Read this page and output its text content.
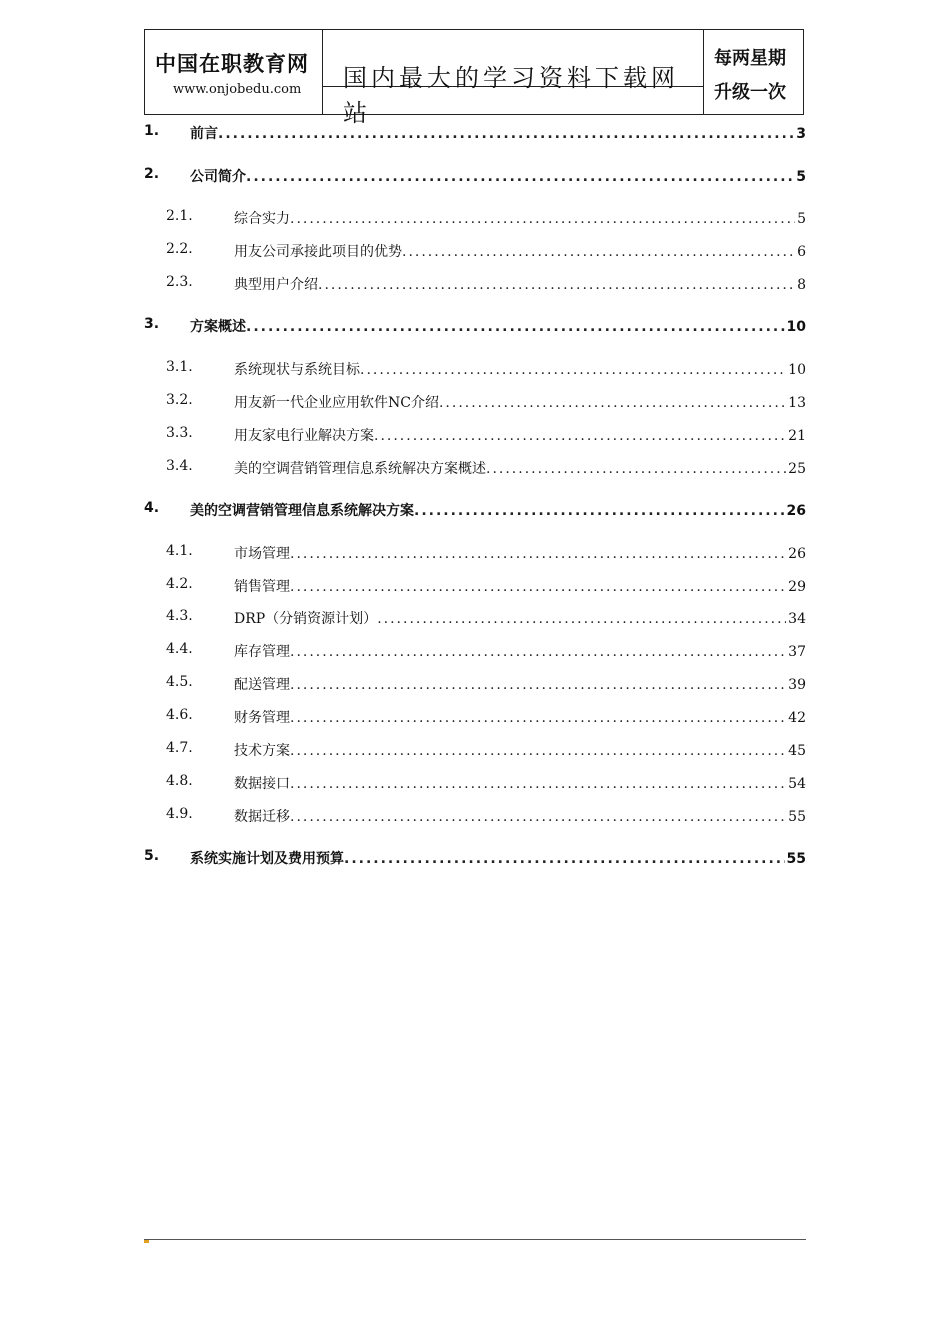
中国在职教育网
www.onjobedu.com 国内最大的学习资料下载网站
每两星期
升级一次
1. 前言 .....	3
2. 公司简介 .....	5
2.1.	综合实力 .....	5
2.2.	用友公司承接此项目的优势 .....	6
2.3.	典型用户介绍 .....	8
3. 方案概述 .....	10
3.1.	系统现状与系统目标 .....	10
3.2.	用友新一代企业应用软件NC介绍 .....	13
3.3.	用友家电行业解决方案 .....	21
3.4.	美的空调营销管理信息系统解决方案概述 .....	25
4. 美的空调营销管理信息系统解决方案 .....	26
4.1.	市场管理 .....	26
4.2.	销售管理 .....	29
4.3.	DRP（分销资源计划） .....	34
4.4.	库存管理 .....	37
4.5.	配送管理 .....	39
4.6.	财务管理 .....	42
4.7.	技术方案 .....	45
4.8.	数据接口 .....	54
4.9.	数据迁移 .....	55
5. 系统实施计划及费用预算 .....	55
